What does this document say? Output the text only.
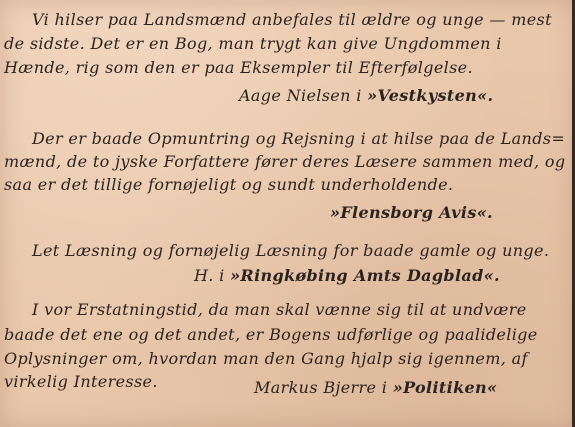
Vi hilser paa Landsmænd anbefales til ældre og unge — mest
de sidste. Det er en Bog, man trygt kan give Ungdommen i
Hænde, rig som den er paa Eksempler til Efterfølgelse.
Aage Nielsen i »Vestkysten«.
Der er baade Opmuntring og Rejsning i at hilse paa de Lands=
mænd, de to jyske Forfattere fører deres Læsere sammen med, og
saa er det tillige fornøjeligt og sundt underholdende.
»Flensborg Avis«.
Let Læsning og fornøjelig Læsning for baade gamle og unge.
H. i »Ringkøbing Amts Dagblad«.
I vor Erstatningstid, da man skal vænne sig til at undvære
baade det ene og det andet, er Bogens udførlige og paalidelige
Oplysninger om, hvordan man den Gang hjalp sig igennem, af
virkelig Interesse.	Markus Bjerre i »Politiken«
